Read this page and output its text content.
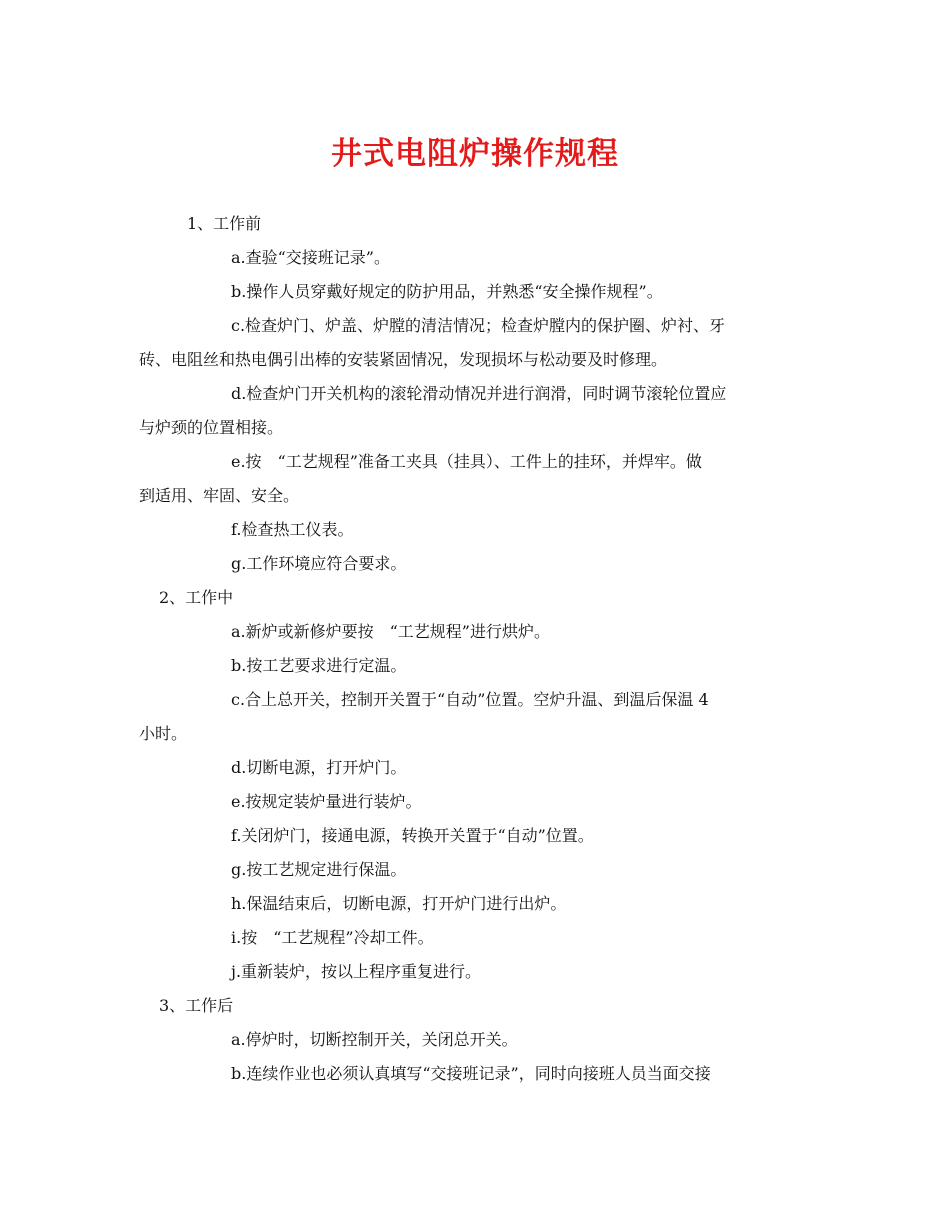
井式电阻炉操作规程
1、工作前
a.查验“交接班记录”。
b.操作人员穿戴好规定的防护用品，并熟悉“安全操作规程”。
c.检查炉门、炉盖、炉膛的清洁情况；检查炉膛内的保护圈、炉衬、牙
砖、电阻丝和热电偶引出棒的安装紧固情况，发现损坏与松动要及时修理。
d.检查炉门开关机构的滚轮滑动情况并进行润滑，同时调节滚轮位置应
与炉颈的位置相接。
e.按　“工艺规程”准备工夹具（挂具）、工件上的挂环，并焊牢。做
到适用、牢固、安全。
f.检查热工仪表。
g.工作环境应符合要求。
2、工作中
a.新炉或新修炉要按　“工艺规程”进行烘炉。
b.按工艺要求进行定温。
c.合上总开关，控制开关置于“自动”位置。空炉升温、到温后保温 4
小时。
d.切断电源，打开炉门。
e.按规定装炉量进行装炉。
f.关闭炉门，接通电源，转换开关置于“自动”位置。
g.按工艺规定进行保温。
h.保温结束后，切断电源，打开炉门进行出炉。
i.按　“工艺规程”冷却工件。
j.重新装炉，按以上程序重复进行。
3、工作后
a.停炉时，切断控制开关，关闭总开关。
b.连续作业也必须认真填写“交接班记录”，同时向接班人员当面交接
